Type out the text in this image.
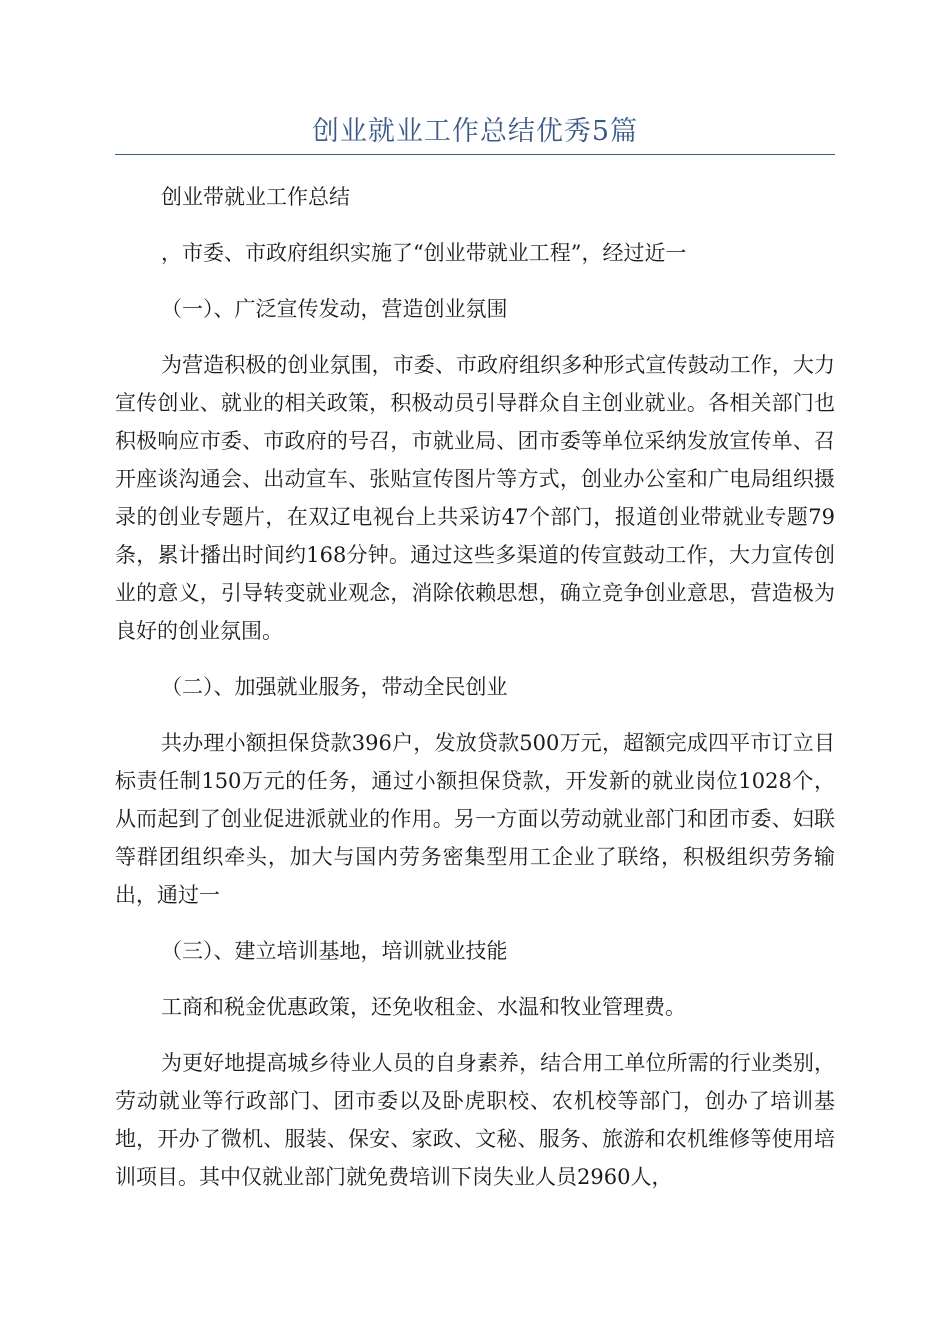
创业就业工作总结优秀5篇

创业带就业工作总结

，市委、市政府组织实施了“创业带就业工程”，经过近一

（一）、广泛宣传发动，营造创业氛围

为营造积极的创业氛围，市委、市政府组织多种形式宣传鼓动工作，大力宣传创业、就业的相关政策，积极动员引导群众自主创业就业。各相关部门也积极响应市委、市政府的号召，市就业局、团市委等单位采纳发放宣传单、召开座谈沟通会、出动宣车、张贴宣传图片等方式，创业办公室和广电局组织摄录的创业专题片，在双辽电视台上共采访47个部门，报道创业带就业专题79条，累计播出时间约168分钟。通过这些多渠道的传宣鼓动工作，大力宣传创业的意义，引导转变就业观念，消除依赖思想，确立竞争创业意思，营造极为良好的创业氛围。

（二）、加强就业服务，带动全民创业

共办理小额担保贷款396户，发放贷款500万元，超额完成四平市订立目标责任制150万元的任务，通过小额担保贷款，开发新的就业岗位1028个，从而起到了创业促进派就业的作用。另一方面以劳动就业部门和团市委、妇联等群团组织牵头，加大与国内劳务密集型用工企业了联络，积极组织劳务输出，通过一

（三）、建立培训基地，培训就业技能

工商和税金优惠政策，还免收租金、水温和牧业管理费。

为更好地提高城乡待业人员的自身素养，结合用工单位所需的行业类别，劳动就业等行政部门、团市委以及卧虎职校、农机校等部门，创办了培训基地，开办了微机、服装、保安、家政、文秘、服务、旅游和农机维修等使用培训项目。其中仅就业部门就免费培训下岗失业人员2960人，
